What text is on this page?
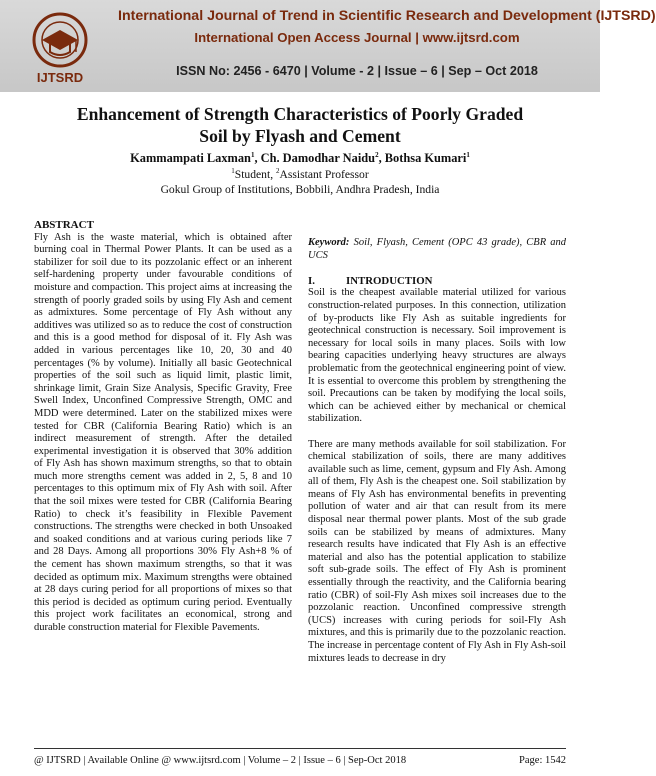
IJTSRD
International Journal of Trend in Scientific Research and Development (IJTSRD)
International Open Access Journal | www.ijtsrd.com
ISSN No: 2456 - 6470 | Volume - 2 | Issue – 6 | Sep – Oct 2018
Enhancement of Strength Characteristics of Poorly Graded
Soil by Flyash and Cement
Kammampati Laxman$^1$, Ch. Damodhar Naidu$^2$, Bothsa Kumari$^1$
$^1$Student, $^2$Assistant Professor
Gokul Group of Institutions, Bobbili, Andhra Pradesh, India

ABSTRACT

Fly Ash is the waste material, which is obtained after burning coal in Thermal Power Plants. It can be used as a stabilizer for soil due to its pozzolanic effect or an inherent self-hardening property under favourable conditions of moisture and compaction. This project aims at increasing the strength of poorly graded soils by using Fly Ash and cement as admixtures. Some percentage of Fly Ash without any additives was utilized so as to reduce the cost of construction and this is a good method for disposal of it. Fly Ash was added in various percentages like 10, 20, 30 and 40 percentages (% by volume). Initially all basic Geotechnical properties of the soil such as liquid limit, plastic limit, shrinkage limit, Grain Size Analysis, Specific Gravity, Free Swell Index, Unconfined Compressive Strength, OMC and MDD were determined. Later on the stabilized mixes were tested for CBR (California Bearing Ratio) which is an indirect measurement of strength. After the detailed experimental investigation it is observed that 30% addition of Fly Ash has shown maximum strengths, so that to obtain much more strengths cement was added in 2, 5, 8 and 10 percentages to this optimum mix of Fly Ash with soil. After that the soil mixes were tested for CBR (California Bearing Ratio) to check it’s feasibility in Flexible Pavement constructions. The strengths were checked in both Unsoaked and soaked conditions and at various curing periods like 7 and 28 Days. Among all proportions 30% Fly Ash+8 % of the cement has shown maximum strengths, so that it was decided as optimum mix. Maximum strengths were obtained at 28 days curing period for all proportions of mixes so that this period is decided as optimum curing period. Eventually this project work facilitates an economical, strong and durable construction material for Flexible Pavements.

Keyword: Soil, Flyash, Cement (OPC 43 grade), CBR and UCS

I.	INTRODUCTION

Soil is the cheapest available material utilized for various construction-related purposes. In this connection, utilization of by-products like Fly Ash as suitable ingredients for geotechnical construction is necessary. Soil improvement is necessary for local soils in many places. Soils with low bearing capacities underlying heavy structures are always problematic from the geotechnical engineering point of view. It is essential to overcome this problem by strengthening the soil. Precautions can be taken by modifying the local soils, which can be achieved either by mechanical or chemical stabilization.

There are many methods available for soil stabilization. For chemical stabilization of soils, there are many additives available such as lime, cement, gypsum and Fly Ash. Among all of them, Fly Ash is the cheapest one. Soil stabilization by means of Fly Ash has environmental benefits in preventing pollution of water and air that can result from its mere disposal near thermal power plants. Most of the sub grade soils can be stabilized by means of admixtures. Many research results have indicated that Fly Ash is an effective material and also has the potential application to stabilize soft sub-grade soils. The effect of Fly Ash is prominent essentially through the reactivity, and the California bearing ratio (CBR) of soil-Fly Ash mixes soil increases due to the pozzolanic reaction. Unconfined compressive strength (UCS) increases with curing periods for soil-Fly Ash mixtures, and this is primarily due to the pozzolanic reaction. The increase in percentage content of Fly Ash in Fly Ash-soil mixtures leads to decrease in dry

@ IJTSRD | Available Online @ www.ijtsrd.com | Volume – 2 | Issue – 6 | Sep-Oct 2018	Page: 1542
